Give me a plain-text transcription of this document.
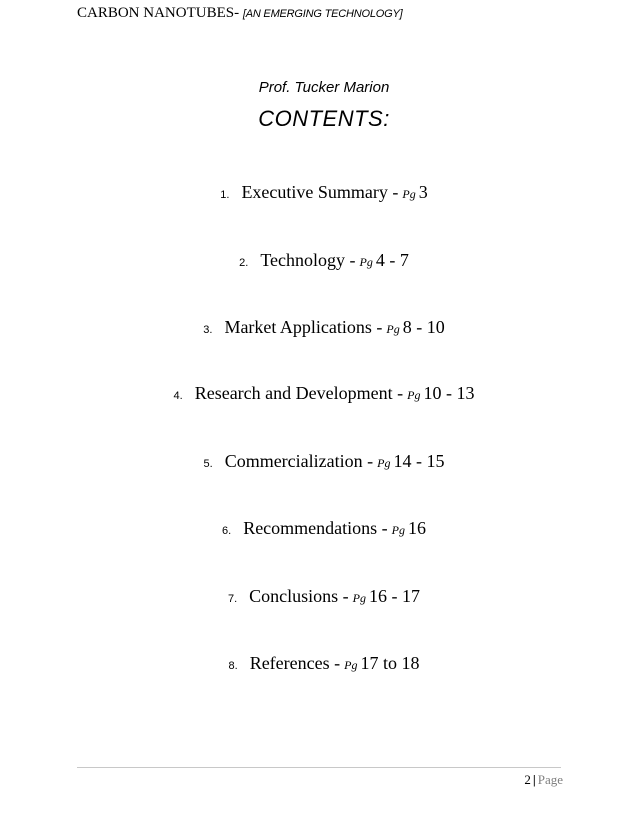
CARBON NANOTUBES- [AN EMERGING TECHNOLOGY]
Prof. Tucker Marion
CONTENTS:
1. Executive Summary - Pg 3
2. Technology - Pg 4 - 7
3. Market Applications - Pg 8 - 10
4. Research and Development - Pg 10 - 13
5. Commercialization - Pg 14 - 15
6. Recommendations - Pg 16
7. Conclusions - Pg 16 - 17
8. References - Pg 17 to 18
2 | Page
